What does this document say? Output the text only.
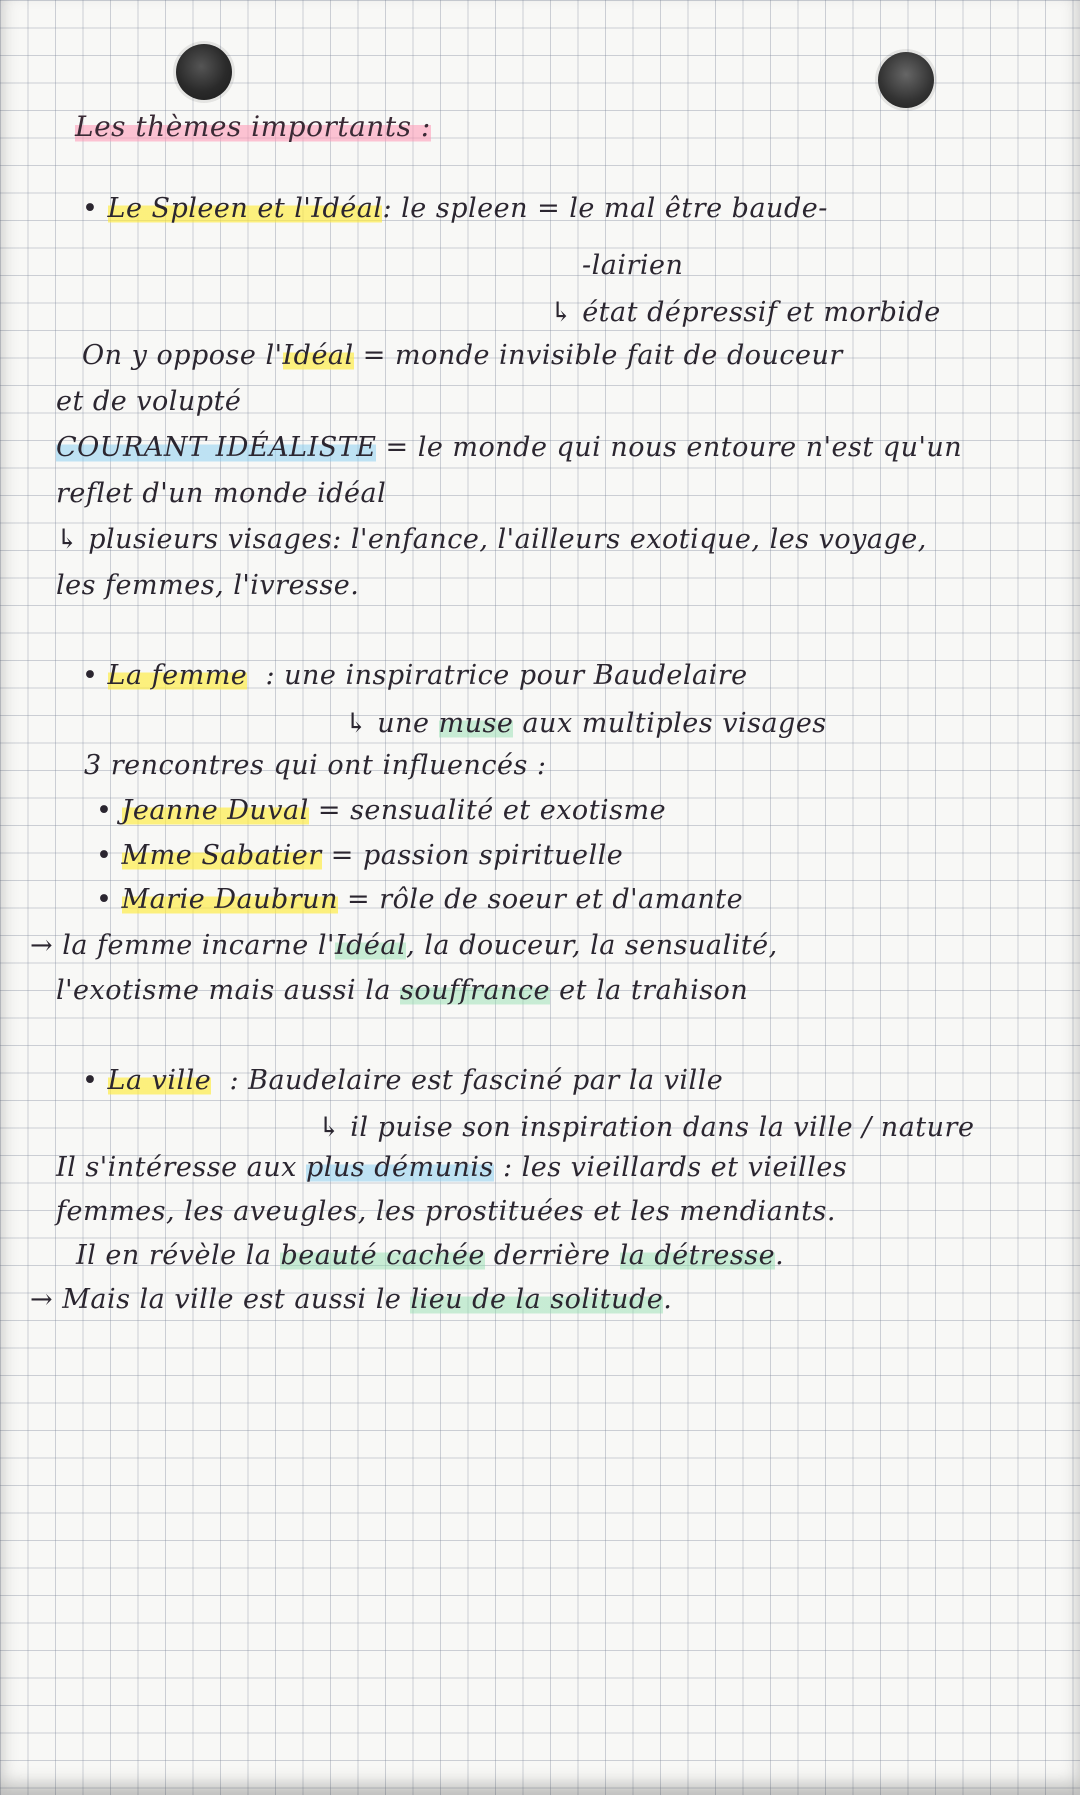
Les thèmes importants :
• Le Spleen et l'Idéal: le spleen = le mal être baude-
-lairien
↳ état dépressif et morbide
On y oppose l'Idéal = monde invisible fait de douceur
et de volupté
COURANT IDÉALISTE = le monde qui nous entoure n'est qu'un
reflet d'un monde idéal
↳ plusieurs visages: l'enfance, l'ailleurs exotique, les voyage,
les femmes, l'ivresse.
• La femme : une inspiratrice pour Baudelaire
↳ une muse aux multiples visages
3 rencontres qui ont influencés :
• Jeanne Duval = sensualité et exotisme
• Mme Sabatier = passion spirituelle
• Marie Daubrun = rôle de soeur et d'amante
→ la femme incarne l'Idéal, la douceur, la sensualité,
l'exotisme mais aussi la souffrance et la trahison
• La ville : Baudelaire est fasciné par la ville
↳ il puise son inspiration dans la ville / nature
Il s'intéresse aux plus démunis : les vieillards et vieilles
femmes, les aveugles, les prostituées et les mendiants.
Il en révèle la beauté cachée derrière la détresse.
→ Mais la ville est aussi le lieu de la solitude.
